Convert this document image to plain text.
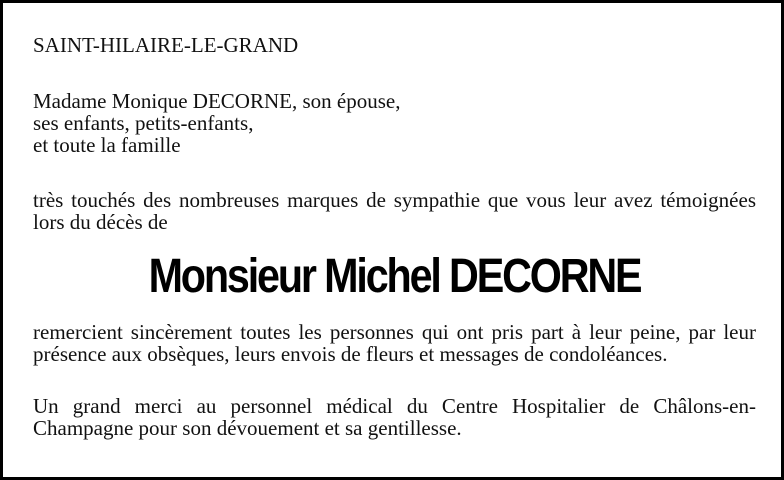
SAINT-HILAIRE-LE-GRAND
Madame Monique DECORNE, son épouse,
ses enfants, petits-enfants,
et toute la famille
très touchés des nombreuses marques de sympathie que vous leur avez témoignées lors du décès de
Monsieur Michel DECORNE
remercient sincèrement toutes les personnes qui ont pris part à leur peine, par leur présence aux obsèques, leurs envois de fleurs et messages de condoléances.
Un grand merci au personnel médical du Centre Hospitalier de Châlons-en-Champagne pour son dévouement et sa gentillesse.
